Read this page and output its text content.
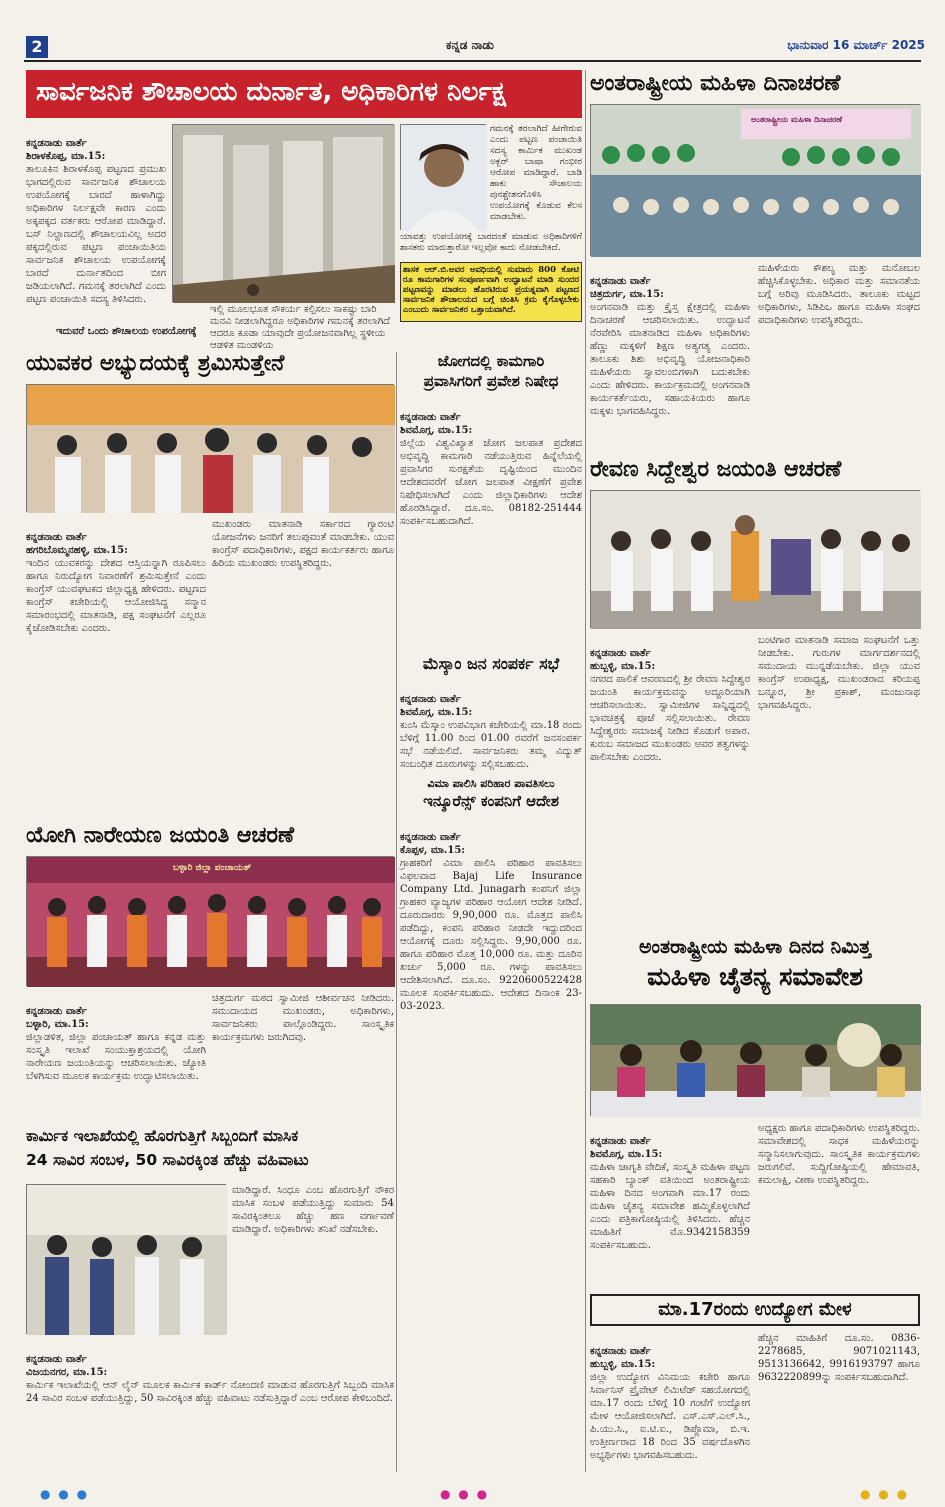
2	ಕನ್ನಡ ನಾಡು	ಭಾನುವಾರ 16 ಮಾರ್ಚ್ 2025
ಸಾರ್ವಜನಿಕ ಶೌಚಾಲಯ ದುರ್ನಾತ, ಅಧಿಕಾರಿಗಳ ನಿರ್ಲಕ್ಷ

ಕನ್ನಡನಾಡು ವಾರ್ತೆ
ಶಿರಾಳಕೊಪ್ಪ, ಮಾ.15:
ತಾಲೂಕಿನ ಶಿರಾಳಕೊಪ್ಪ ಪಟ್ಟಣದ ಪ್ರಮುಖ ಭಾಗದಲ್ಲಿರುವ ಸಾರ್ವಜನಿಕ ಶೌಚಾಲಯ ಉಪಯೋಗಕ್ಕೆ ಬಾರದೆ ಹಾಳಾಗಿದ್ದು ಅಧಿಕಾರಿಗಳ ನಿರ್ಲಕ್ಷವೇ ಕಾರಣ ಎಂದು ಅಕ್ಕಪಕ್ಕದ ವರ್ತಕರು ಆರೋಪ ಮಾಡಿದ್ದಾರೆ. ಬಸ್ ನಿಲ್ದಾಣದಲ್ಲಿ ಶೌಚಾಲಯವಿಲ್ಲ ಅದರ ಪಕ್ಕದಲ್ಲಿರುವ ಪಟ್ಟಣ ಪಂಚಾಯಿತಿಯ ಸಾರ್ವಜನಿಕ ಶೌಚಾಲಯ ಉಪಯೋಗಕ್ಕೆ ಬಾರದೆ ದುರ್ನಾತದಿಂದ ಬೀಗ ಜಡಿಯಲಾಗಿದೆ. ಗಮನಕ್ಕೆ ತರಲಾಗಿದೆ ಎಂದು ಪಟ್ಟಣ ಪಂಚಾಯಿತಿ ಸದಸ್ಯ ತಿಳಿಸಿದರು.

ಇಲ್ಲಿ ಮೂಲಭೂತ ಸೌಕರ್ಯ ಕಲ್ಪಿಸಲು ಸಾಕಷ್ಟು ಬಾರಿ ಮನವಿ ನೀಡಲಾಗಿದ್ದರೂ ಅಧಿಕಾರಿಗಳ ಗಮನಕ್ಕೆ ತರಲಾಗಿದೆ ಆದರೂ ಕೂಡಾ ಯಾವುದೇ ಪ್ರಯೋಜನವಾಗಿಲ್ಲ ಸ್ಥಳೀಯ ಆಡಳಿತ ಮಂಡಳಿಯ
ಗಮನಕ್ಕೆ ತರಲಾಗಿದೆ ಹೀಗೇರುವ ಎಂದು ಪಟ್ಟಣ ಪಂಚಾಯಿತಿ ಸದಸ್ಯ ಕಾರ್ಮಿಕ ಮುಖಂಡ ಅಕ್ಬರ್ ಬಾಷಾ ಗಂಭೀರ ಆರೋಪ ಮಾಡಿದ್ದಾರೆ. ಬಾಡಿ ಹಾಕು ಸೌಚಾಲಯ ಪುನಶ್ಚೇತನಗೊಳಿಸಿ ಉಪಯೋಗಕ್ಕೆ ಕೊಡುವ ಕೆಲಸ ಮಾಡಬೇಕು.
ಯಾವತ್ತು ಉಪಯೋಗಕ್ಕೆ ಬಾರದಂತೆ ಮಾಡುವ ಅಧಿಕಾರಿಗಳಿಗೆ ಶಾಸಕರು ಮಾರುತ್ತಾರೋ ಇಲ್ಲವೋ ಕಾದು ನೋಡಬೇಕಿದೆ.
ಶಾಸಕ ಆರ್.ಬಿ.ಅವರ ಅವಧಿಯಲ್ಲಿ ಸುಮಾರು 800 ಕೋಟಿ ರೂ ಕಾಮಗಾರಿಗಳ ಸಂಪೂರ್ಣವಾಗಿ ಉದ್ಘಾಟನೆ ಮಾಡಿ ಸುಂದರ ಪಟ್ಟಣವನ್ನು ಮಾಡಲು ಹೊರಟಿರುವ ಪ್ರಯತ್ನವಾಗಿ ಪಟ್ಟಣದ ಸಾರ್ವಜನಿಕ ಶೌಚಾಲಯದ ಬಗ್ಗೆ ಚಿಂತಿಸಿ ಕ್ರಮ ಕೈಗೊಳ್ಳಬೇಕು ಎಂಬುದು ಸಾರ್ವಜನಿಕರ ಒತ್ತಾಯವಾಗಿದೆ.
ಇದುವರೆ ಒಂದು ಶೌಚಾಲಯ ಉಪಯೋಗಕ್ಕೆ
ಅಂತರಾಷ್ಟ್ರೀಯ ಮಹಿಳಾ ದಿನಾಚರಣೆ
ಅಂತರಾಷ್ಟ್ರೀಯ ಮಹಿಳಾ ದಿನಾಚರಣೆ

ಕನ್ನಡನಾಡು ವಾರ್ತೆ
ಚಿತ್ರದುರ್ಗ, ಮಾ.15:
ಅಂಗನವಾಡಿ ಮತ್ತು ಕ್ರೈಸ್ತ ಕ್ಷೇತ್ರದಲ್ಲಿ ಮಹಿಳಾ ದಿನಾಚರಣೆ ಆಚರಿಸಲಾಯಿತು. ಉದ್ಘಾಟನೆ ನೆರವೇರಿಸಿ ಮಾತನಾಡಿದ ಮಹಿಳಾ ಅಧಿಕಾರಿಗಳು ಹೆಣ್ಣು ಮಕ್ಕಳಿಗೆ ಶಿಕ್ಷಣ ಅತ್ಯಗತ್ಯ ಎಂದರು. ತಾಲೂಕು ಶಿಶು ಅಭಿವೃದ್ಧಿ ಯೋಜನಾಧಿಕಾರಿ ಮಹಿಳೆಯರು ಸ್ವಾವಲಂಬಿಗಳಾಗಿ ಬದುಕಬೇಕು ಎಂದು ಹೇಳಿದರು. ಕಾರ್ಯಕ್ರಮದಲ್ಲಿ ಅಂಗನವಾಡಿ ಕಾರ್ಯಕರ್ತೆಯರು, ಸಹಾಯಕಿಯರು ಹಾಗೂ ಮಕ್ಕಳು ಭಾಗವಹಿಸಿದ್ದರು.

ಮಹಿಳೆಯರು ಕೌಶಲ್ಯ ಮತ್ತು ಮನೋಬಲ ಹೆಚ್ಚಿಸಿಕೊಳ್ಳಬೇಕು. ಅಧಿಕಾರ ಮತ್ತು ಸಮಾನತೆಯ ಬಗ್ಗೆ ಅರಿವು ಮೂಡಿಸಿದರು. ತಾಲೂಕು ಮಟ್ಟದ ಅಧಿಕಾರಿಗಳು, ಸಿಡಿಪಿಒ ಹಾಗೂ ಮಹಿಳಾ ಸಂಘದ ಪದಾಧಿಕಾರಿಗಳು ಉಪಸ್ಥಿತರಿದ್ದರು.
ಯುವಕರ ಅಭ್ಯುದಯಕ್ಕೆ ಶ್ರಮಿಸುತ್ತೇನೆ

ಕನ್ನಡನಾಡು ವಾರ್ತೆ
ಹಗರಿಬೊಮ್ಮನಹಳ್ಳಿ, ಮಾ.15:
ಇಂದಿನ ಯುವಕರನ್ನು ದೇಶದ ಆಸ್ತಿಯನ್ನಾಗಿ ರೂಪಿಸಲು ಹಾಗೂ ನಿರುದ್ಯೋಗ ನಿವಾರಣೆಗೆ ಶ್ರಮಿಸುತ್ತೇನೆ ಎಂದು ಕಾಂಗ್ರೆಸ್ ಯುವಘಟಕದ ಜಿಲ್ಲಾಧ್ಯಕ್ಷ ಹೇಳಿದರು. ಪಟ್ಟಣದ ಕಾಂಗ್ರೆಸ್ ಕಚೇರಿಯಲ್ಲಿ ಆಯೋಜಿಸಿದ್ದ ಸನ್ಮಾನ ಸಮಾರಂಭದಲ್ಲಿ ಮಾತನಾಡಿ, ಪಕ್ಷ ಸಂಘಟನೆಗೆ ಎಲ್ಲರೂ ಕೈಜೋಡಿಸಬೇಕು ಎಂದರು.

ಮುಖಂಡರು ಮಾತನಾಡಿ ಸರ್ಕಾರದ ಗ್ಯಾರಂಟಿ ಯೋಜನೆಗಳು ಜನರಿಗೆ ತಲುಪುವಂತೆ ಮಾಡಬೇಕು. ಯುವ ಕಾಂಗ್ರೆಸ್ ಪದಾಧಿಕಾರಿಗಳು, ಪಕ್ಷದ ಕಾರ್ಯಕರ್ತರು ಹಾಗೂ ಹಿರಿಯ ಮುಖಂಡರು ಉಪಸ್ಥಿತರಿದ್ದರು.
ಜೋಗದಲ್ಲಿ ಕಾಮಗಾರಿ
ಪ್ರವಾಸಿಗರಿಗೆ ಪ್ರವೇಶ ನಿಷೇಧ

ಕನ್ನಡನಾಡು ವಾರ್ತೆ
ಶಿವಮೊಗ್ಗ, ಮಾ.15:
ಜಿಲ್ಲೆಯ ವಿಶ್ವವಿಖ್ಯಾತ ಜೋಗ ಜಲಪಾತ ಪ್ರದೇಶದ ಅಭಿವೃದ್ಧಿ ಕಾಮಗಾರಿ ನಡೆಯುತ್ತಿರುವ ಹಿನ್ನೆಲೆಯಲ್ಲಿ ಪ್ರವಾಸಿಗರ ಸುರಕ್ಷತೆಯ ದೃಷ್ಟಿಯಿಂದ ಮುಂದಿನ ಆದೇಶದವರೆಗೆ ಜೋಗ ಜಲಪಾತ ವೀಕ್ಷಣೆಗೆ ಪ್ರವೇಶ ನಿಷೇಧಿಸಲಾಗಿದೆ ಎಂದು ಜಿಲ್ಲಾಧಿಕಾರಿಗಳು ಆದೇಶ ಹೊರಡಿಸಿದ್ದಾರೆ. ದೂ.ಸಂ. 08182-251444 ಸಂಪರ್ಕಿಸಬಹುದಾಗಿದೆ.

ಮೆಸ್ಕಾಂ ಜನ ಸಂಪರ್ಕ ಸಭೆ

ಕನ್ನಡನಾಡು ವಾರ್ತೆ
ಶಿವಮೊಗ್ಗ, ಮಾ.15:
ಕುಂಸಿ ಮೆಸ್ಕಾಂ ಉಪವಿಭಾಗ ಕಚೇರಿಯಲ್ಲಿ ಮಾ.18 ರಂದು ಬೆಳಿಗ್ಗೆ 11.00 ರಿಂದ 01.00 ರವರೆಗೆ ಜನಸಂಪರ್ಕ ಸಭೆ ನಡೆಯಲಿದೆ. ಸಾರ್ವಜನಿಕರು ತಮ್ಮ ವಿದ್ಯುತ್ ಸಂಬಂಧಿತ ದೂರುಗಳನ್ನು ಸಲ್ಲಿಸಬಹುದು.

ವಿಮಾ ಪಾಲಿಸಿ ಪರಿಹಾರ ಪಾವತಿಸಲು
ಇನ್ಶೂರೆನ್ಸ್ ಕಂಪನಿಗೆ ಆದೇಶ

ಕನ್ನಡನಾಡು ವಾರ್ತೆ
ಕೊಪ್ಪಳ, ಮಾ.15:
ಗ್ರಾಹಕರಿಗೆ ವಿಮಾ ಪಾಲಿಸಿ ಪರಿಹಾರ ಪಾವತಿಸಲು ವಿಫಲವಾದ Bajaj Life Insurance Company Ltd. Junagarh ಕಂಪನಿಗೆ ಜಿಲ್ಲಾ ಗ್ರಾಹಕರ ವ್ಯಾಜ್ಯಗಳ ಪರಿಹಾರ ಆಯೋಗ ಆದೇಶ ನೀಡಿದೆ. ದೂರುದಾರರು 9,90,000 ರೂ. ಮೊತ್ತದ ಪಾಲಿಸಿ ಪಡೆದಿದ್ದು, ಕಂಪನಿ ಪರಿಹಾರ ನೀಡದೇ ಇದ್ದುದರಿಂದ ಆಯೋಗಕ್ಕೆ ದೂರು ಸಲ್ಲಿಸಿದ್ದರು. 9,90,000 ರೂ. ಹಾಗೂ ಪರಿಹಾರ ಮೊತ್ತ 10,000 ರೂ. ಮತ್ತು ದೂರಿನ ಖರ್ಚು 5,000 ರೂ. ಗಳನ್ನು ಪಾವತಿಸಲು ಆದೇಶಿಸಲಾಗಿದೆ. ದೂ.ಸಂ. 9220600522428 ಮೂಲಕ ಸಂಪರ್ಕಿಸಬಹುದು. ಆದೇಶದ ದಿನಾಂಕ 23-03-2023.

ರೇವಣ ಸಿದ್ದೇಶ್ವರ ಜಯಂತಿ ಆಚರಣೆ

ಕನ್ನಡನಾಡು ವಾರ್ತೆ
ಹುಬ್ಬಳ್ಳಿ, ಮಾ.15:
ನಗರದ ಪಾಲಿಕೆ ಆವರಣದಲ್ಲಿ ಶ್ರೀ ರೇವಣ ಸಿದ್ದೇಶ್ವರ ಜಯಂತಿ ಕಾರ್ಯಕ್ರಮವನ್ನು ಅದ್ದೂರಿಯಾಗಿ ಆಚರಿಸಲಾಯಿತು. ಸ್ವಾಮೀಜಿಗಳ ಸಾನ್ನಿಧ್ಯದಲ್ಲಿ ಭಾವಚಿತ್ರಕ್ಕೆ ಪೂಜೆ ಸಲ್ಲಿಸಲಾಯಿತು. ರೇವಣ ಸಿದ್ದೇಶ್ವರರು ಸಮಾಜಕ್ಕೆ ನೀಡಿದ ಕೊಡುಗೆ ಅಪಾರ. ಕುರುಬ ಸಮಾಜದ ಮುಖಂಡರು ಅವರ ತತ್ವಗಳನ್ನು ಪಾಲಿಸಬೇಕು ಎಂದರು.

ಬಂಟಿಗಾರ ಮಾತನಾಡಿ ಸಮಾಜ ಸಂಘಟನೆಗೆ ಒತ್ತು ನೀಡಬೇಕು. ಗುರುಗಳ ಮಾರ್ಗದರ್ಶನದಲ್ಲಿ ಸಮುದಾಯ ಮುನ್ನಡೆಯಬೇಕು. ಜಿಲ್ಲಾ ಯುವ ಕಾಂಗ್ರೆಸ್ ಉಪಾಧ್ಯಕ್ಷ, ಮುಖಂಡರಾದ ಕರಿಯಪ್ಪ ಬನ್ನೂರ, ಶ್ರೀ ಪ್ರಕಾಶ್, ಮಂಜುನಾಥ ಭಾಗವಹಿಸಿದ್ದರು.
ಯೋಗಿ ನಾರೇಯಣ ಜಯಂತಿ ಆಚರಣೆ
ಬಳ್ಳಾರಿ ಜಿಲ್ಲಾ ಪಂಚಾಯತ್

ಕನ್ನಡನಾಡು ವಾರ್ತೆ
ಬಳ್ಳಾರಿ, ಮಾ.15:
ಜಿಲ್ಲಾಡಳಿತ, ಜಿಲ್ಲಾ ಪಂಚಾಯತ್ ಹಾಗೂ ಕನ್ನಡ ಮತ್ತು ಸಂಸ್ಕೃತಿ ಇಲಾಖೆ ಸಂಯುಕ್ತಾಶ್ರಯದಲ್ಲಿ ಯೋಗಿ ನಾರೇಯಣ ಜಯಂತಿಯನ್ನು ಆಚರಿಸಲಾಯಿತು. ಜ್ಯೋತಿ ಬೆಳಗಿಸುವ ಮೂಲಕ ಕಾರ್ಯಕ್ರಮ ಉದ್ಘಾಟಿಸಲಾಯಿತು.

ಚಿತ್ರದುರ್ಗ ಮಠದ ಸ್ವಾಮೀಜಿ ಆಶೀರ್ವಚನ ನೀಡಿದರು. ಸಮುದಾಯದ ಮುಖಂಡರು, ಅಧಿಕಾರಿಗಳು, ಸಾರ್ವಜನಿಕರು ಪಾಲ್ಗೊಂಡಿದ್ದರು. ಸಾಂಸ್ಕೃತಿಕ ಕಾರ್ಯಕ್ರಮಗಳು ಜರುಗಿದವು.
ಕಾರ್ಮಿಕ ಇಲಾಖೆಯಲ್ಲಿ ಹೊರಗುತ್ತಿಗೆ ಸಿಬ್ಬಂದಿಗೆ ಮಾಸಿಕ
24 ಸಾವಿರ ಸಂಬಳ, 50 ಸಾವಿರಕ್ಕಿಂತ ಹೆಚ್ಚು ವಹಿವಾಟು
ಮಾಡಿದ್ದಾರೆ. ಸಿಂಧೂ ಎಂಬ ಹೊರಗುತ್ತಿಗೆ ನೌಕರ ಮಾಸಿಕ ಸಂಬಳ ಪಡೆಯುತ್ತಿದ್ದು ಸುಮಾರು 54 ಸಾವಿರಕ್ಕಿಂತಲೂ ಹೆಚ್ಚು ಹಣ ವರ್ಗಾವಣೆ ಮಾಡಿದ್ದಾರೆ. ಅಧಿಕಾರಿಗಳು ತನಿಖೆ ನಡೆಸಬೇಕು.

ಕನ್ನಡನಾಡು ವಾರ್ತೆ
ವಿಜಯನಗರ, ಮಾ.15:
ಕಾರ್ಮಿಕ ಇಲಾಖೆಯಲ್ಲಿ ಆನ್ ಲೈನ್ ಮೂಲಕ ಕಾರ್ಮಿಕ ಕಾರ್ಡ್ ನೋಂದಣಿ ಮಾಡುವ ಹೊರಗುತ್ತಿಗೆ ಸಿಬ್ಬಂದಿ ಮಾಸಿಕ 24 ಸಾವಿರ ಸಂಬಳ ಪಡೆಯುತ್ತಿದ್ದು, 50 ಸಾವಿರಕ್ಕಿಂತ ಹೆಚ್ಚು ವಹಿವಾಟು ನಡೆಸುತ್ತಿದ್ದಾರೆ ಎಂಬ ಆರೋಪ ಕೇಳಿಬಂದಿದೆ.

ಅಂತರಾಷ್ಟ್ರೀಯ ಮಹಿಳಾ ದಿನದ ನಿಮಿತ್ತ
ಮಹಿಳಾ ಚೈತನ್ಯ ಸಮಾವೇಶ

ಕನ್ನಡನಾಡು ವಾರ್ತೆ
ಶಿವಮೊಗ್ಗ, ಮಾ.15:
ಮಹಿಳಾ ಜಾಗೃತಿ ವೇದಿಕೆ, ಸಂಸ್ಕೃತಿ ಮಹಿಳಾ ಪಟ್ಟಣ ಸಹಕಾರಿ ಬ್ಯಾಂಕ್ ವತಿಯಿಂದ ಅಂತರಾಷ್ಟ್ರೀಯ ಮಹಿಳಾ ದಿನದ ಅಂಗವಾಗಿ ಮಾ.17 ರಂದು ಮಹಿಳಾ ಚೈತನ್ಯ ಸಮಾವೇಶ ಹಮ್ಮಿಕೊಳ್ಳಲಾಗಿದೆ ಎಂದು ಪತ್ರಿಕಾಗೋಷ್ಠಿಯಲ್ಲಿ ತಿಳಿಸಿದರು. ಹೆಚ್ಚಿನ ಮಾಹಿತಿಗೆ ಮೊ.9342158359 ಸಂಪರ್ಕಿಸಬಹುದು.

ಅಧ್ಯಕ್ಷರು ಹಾಗೂ ಪದಾಧಿಕಾರಿಗಳು ಉಪಸ್ಥಿತರಿದ್ದರು. ಸಮಾವೇಶದಲ್ಲಿ ಸಾಧಕ ಮಹಿಳೆಯರನ್ನು ಸನ್ಮಾನಿಸಲಾಗುವುದು. ಸಾಂಸ್ಕೃತಿಕ ಕಾರ್ಯಕ್ರಮಗಳು ಜರುಗಲಿವೆ. ಸುದ್ದಿಗೋಷ್ಠಿಯಲ್ಲಿ ಹೇಮಾವತಿ, ಕಮಲಾಕ್ಷಿ, ವೀಣಾ ಉಪಸ್ಥಿತರಿದ್ದರು.
ಮಾ.17ರಂದು ಉದ್ಯೋಗ ಮೇಳ

ಕನ್ನಡನಾಡು ವಾರ್ತೆ
ಹುಬ್ಬಳ್ಳಿ, ಮಾ.15:
ಜಿಲ್ಲಾ ಉದ್ಯೋಗ ವಿನಿಮಯ ಕಚೇರಿ ಹಾಗೂ ಸಿರ್ವಾನಿಸ್ ಪ್ರೈವೇಟ್ ಲಿಮಿಟೆಡ್ ಸಹಯೋಗದಲ್ಲಿ ಮಾ.17 ರಂದು ಬೆಳಿಗ್ಗೆ 10 ಗಂಟೆಗೆ ಉದ್ಯೋಗ ಮೇಳ ಆಯೋಜಿಸಲಾಗಿದೆ. ಎಸ್.ಎಸ್.ಎಲ್.ಸಿ., ಪಿ.ಯು.ಸಿ., ಐ.ಟಿ.ಐ., ಡಿಪ್ಲೊಮಾ, ಬಿ.ಇ. ಉತ್ತೀರ್ಣರಾದ 18 ರಿಂದ 35 ವರ್ಷದೊಳಗಿನ ಅಭ್ಯರ್ಥಿಗಳು ಭಾಗವಹಿಸಬಹುದು.

ಹೆಚ್ಚಿನ ಮಾಹಿತಿಗೆ ದೂ.ಸಂ. 0836-2278685, 9071021143, 9513136642, 9916193797 ಹಾಗೂ 9632220899ನ್ನು ಸಂಪರ್ಕಿಸಬಹುದಾಗಿದೆ.
● ● ●	● ● ●	● ● ●
